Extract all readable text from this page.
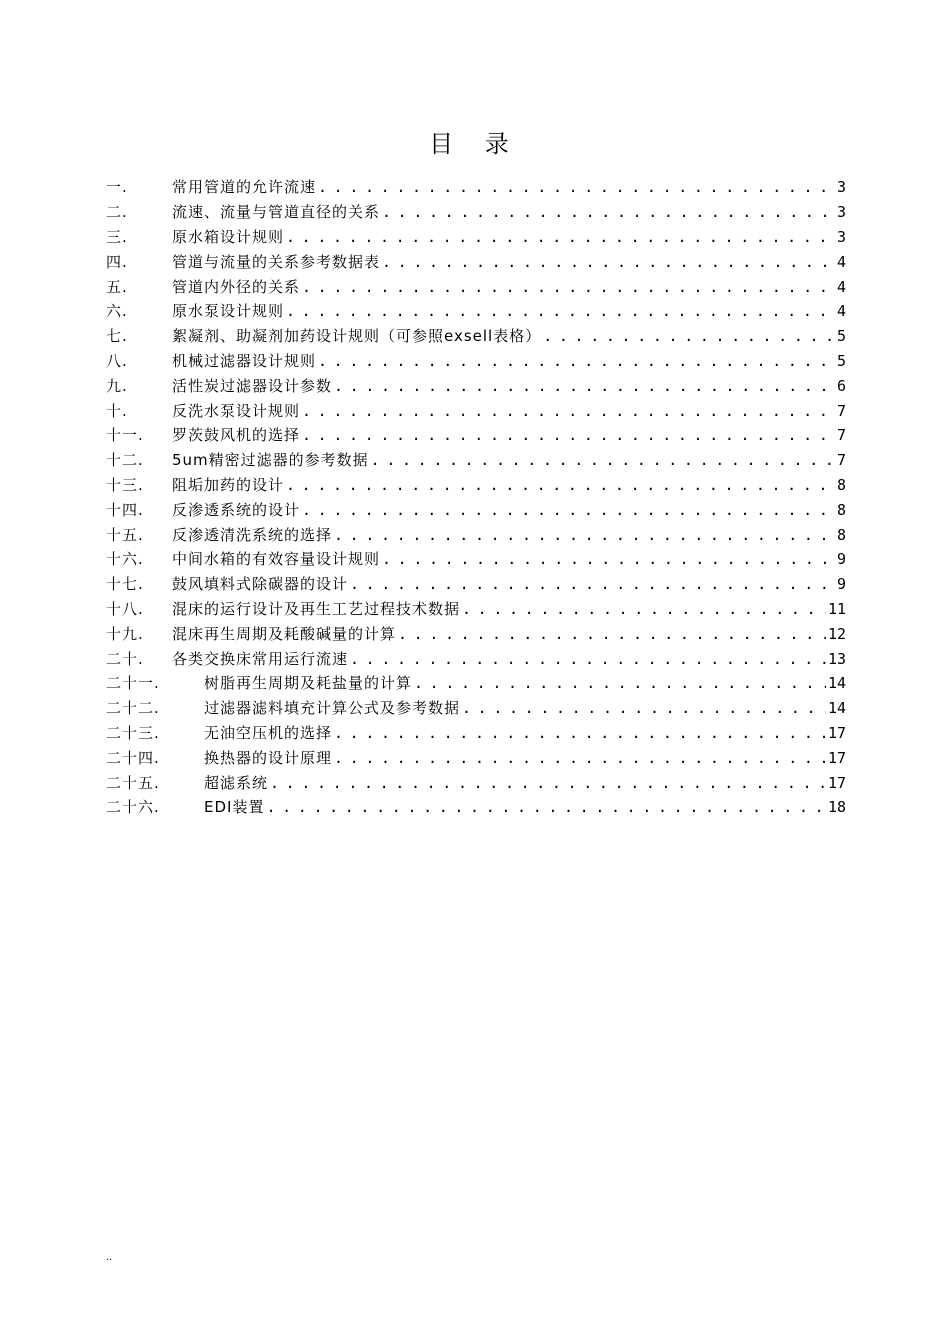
目 录
一.	常用管道的允许流速 . . .	3
二.	流速、流量与管道直径的关系 . . .	3
三.	原水箱设计规则 . . .	3
四.	管道与流量的关系参考数据表 . . .	4
五.	管道内外径的关系 . . .	4
六.	原水泵设计规则 . . .	4
七.	絮凝剂、助凝剂加药设计规则（可参照exsell表格） . . .	5
八.	机械过滤器设计规则 . . .	5
九.	活性炭过滤器设计参数 . . .	6
十.	反洗水泵设计规则 . . .	7
十一.	罗茨鼓风机的选择 . . .	7
十二.	5um精密过滤器的参考数据 . . .	7
十三.	阻垢加药的设计 . . .	8
十四.	反渗透系统的设计 . . .	8
十五.	反渗透清洗系统的选择 . . .	8
十六.	中间水箱的有效容量设计规则 . . .	9
十七.	鼓风填料式除碳器的设计 . . .	9
十八.	混床的运行设计及再生工艺过程技术数据 . . .	11
十九.	混床再生周期及耗酸碱量的计算 . . .	12
二十.	各类交换床常用运行流速 . . .	13
二十一.	树脂再生周期及耗盐量的计算 . . .	14
二十二.	过滤器滤料填充计算公式及参考数据 . . .	14
二十三.	无油空压机的选择 . . .	17
二十四.	换热器的设计原理 . . .	17
二十五.	超滤系统 . . .	17
二十六.	EDI装置 . . .	18
..
